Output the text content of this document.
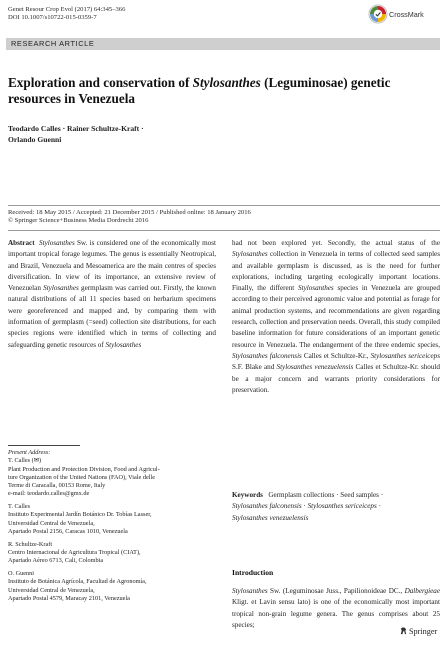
Genet Resour Crop Evol (2017) 64:345–366
DOI 10.1007/s10722-015-0359-7	CrossMark
RESEARCH ARTICLE
Exploration and conservation of Stylosanthes (Leguminosae) genetic resources in Venezuela
Teodardo Calles · Rainer Schultze-Kraft ·
Orlando Guenni
Received: 18 May 2015 / Accepted: 21 December 2015 / Published online: 18 January 2016
© Springer Science+Business Media Dordrecht 2016
Abstract Stylosanthes Sw. is considered one of the economically most important tropical forage legumes. The genus is essentially Neotropical, and Brazil, Venezuela and Mesoamerica are the main centres of species diversification. In view of its importance, an extensive review of Venezuelan Stylosanthes germplasm was carried out. Firstly, the known natural distributions of all 11 species based on herbarium specimens were georeferenced and mapped and, by comparing them with information of germplasm (=seed) collection site distributions, for each species regions were identified which in terms of collecting and safeguarding genetic resources of Stylosanthes
had not been explored yet. Secondly, the actual status of the Stylosanthes collection in Venezuela in terms of collected seed samples and available germplasm is discussed, as is the need for further explorations, including targeting ecologically important locations. Finally, the different Stylosanthes species in Venezuela are grouped according to their perceived agronomic value and potential as forage for animal production systems, and recommendations are given regarding research, collection and preservation needs. Overall, this study compiled baseline information for future considerations of an important genetic resource in Venezuela. The endangerment of the three endemic species, Stylosanthes falconensis Calles et Schultze-Kr., Stylosanthes sericeiceps S.F. Blake and Stylosanthes venezuelensis Calles et Schultze-Kr. should be a major concern and warrants priority considerations for preservation.
Keywords Germplasm collections · Seed samples ·
Stylosanthes falconensis · Stylosanthes sericeiceps ·
Stylosanthes venezuelensis
Introduction
Stylosanthes Sw. (Leguminosae Juss., Papilionoideae DC., Dalbergieae Kligt. et Lavin sensu lato) is one of the economically most important tropical non-grain legume genera. The genus comprises about 25 species;
Present Address:
T. Calles (✉)
Plant Production and Protection Division, Food and Agricul-
ture Organization of the United Nations (FAO), Viale delle
Terme di Caracalla, 00153 Rome, Italy
e-mail: teodardo.calles@gmx.de
T. Calles
Instituto Experimental Jardín Botánico Dr. Tobías Lasser,
Universidad Central de Venezuela,
Apartado Postal 2156, Caracas 1010, Venezuela
R. Schultze-Kraft
Centro Internacional de Agricultura Tropical (CIAT),
Apartado Aéreo 6713, Cali, Colombia
O. Guenni
Instituto de Botánica Agrícola, Facultad de Agronomía,
Universidad Central de Venezuela,
Apartado Postal 4579, Maracay 2101, Venezuela
Springer
